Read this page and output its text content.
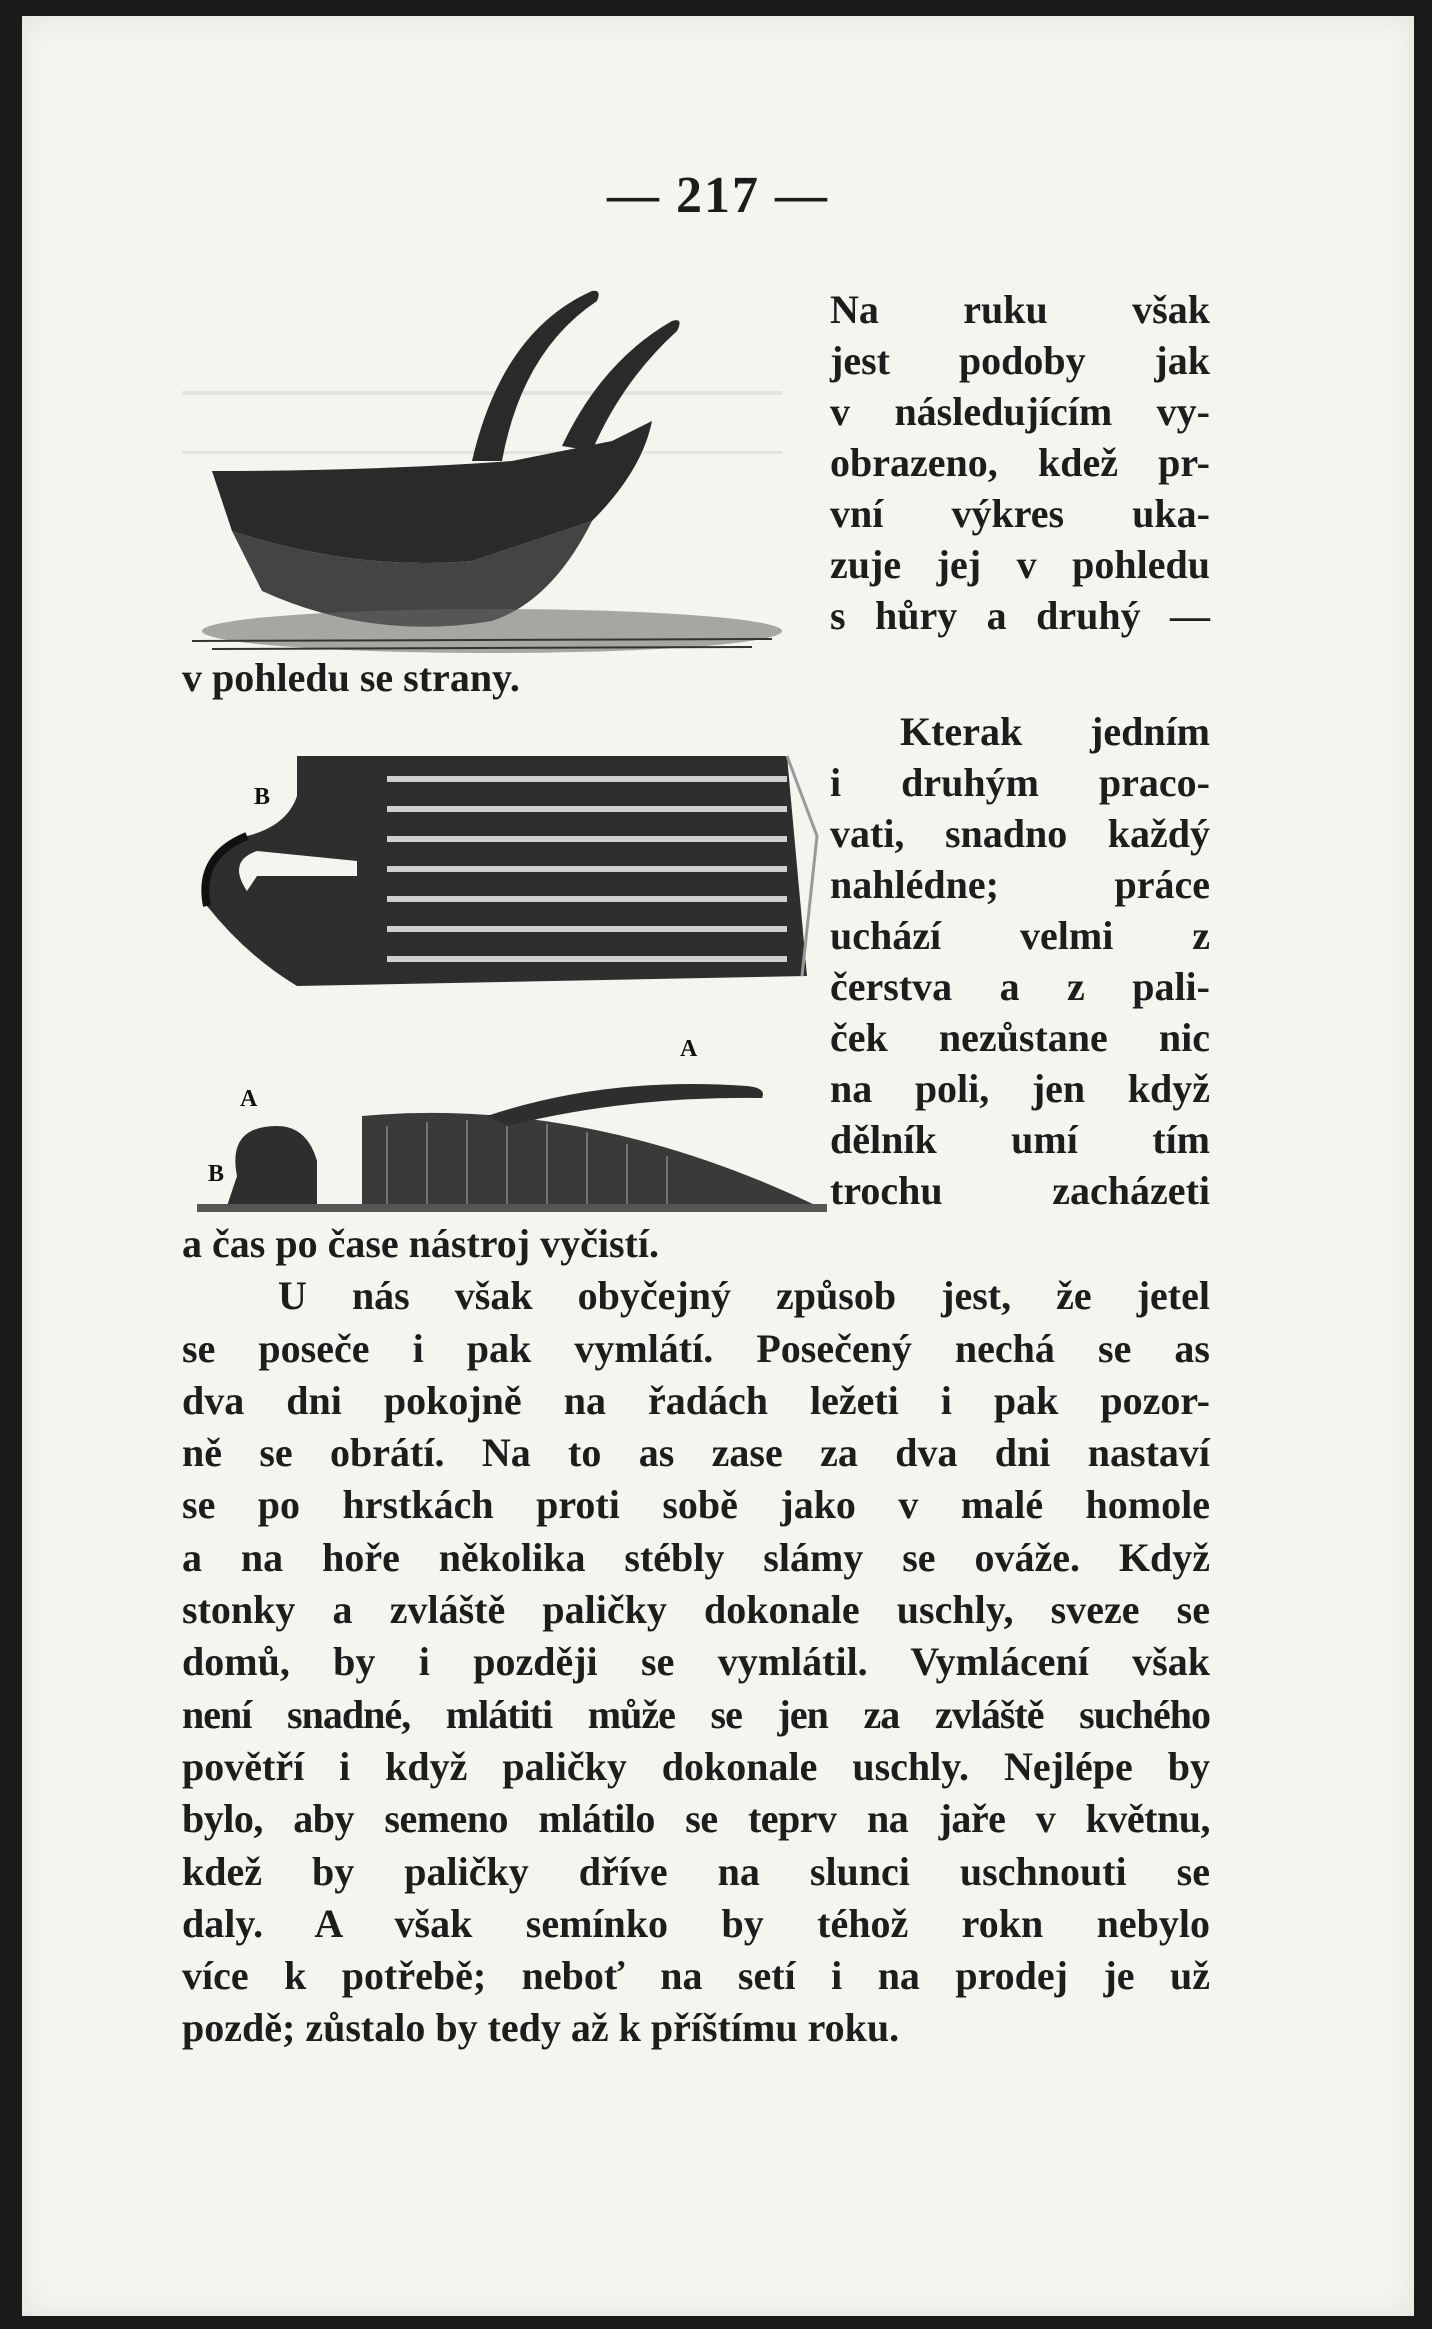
— 217 —
B
A
A
B
Na ruku však
jest podoby jak
v následujícím vy-
obrazeno, kdež pr-
vní výkres uka-
zuje jej v pohledu
s hůry a druhý —
v pohledu se strany.
Kterak jedním
i druhým praco-
vati, snadno každý
nahlédne; práce
uchází velmi z
čerstva a z pali-
ček nezůstane nic
na poli, jen když
dělník umí tím
trochu zacházeti
a čas po čase nástroj vyčistí.
U nás však obyčejný způsob jest, že jetel
se poseče i pak vymlátí. Posečený nechá se as
dva dni pokojně na řadách ležeti i pak pozor-
ně se obrátí. Na to as zase za dva dni nastaví
se po hrstkách proti sobě jako v malé homole
a na hoře několika stébly slámy se ováže. Když
stonky a zvláště paličky dokonale uschly, sveze se
domů, by i později se vymlátil. Vymlácení však
není snadné, mlátiti může se jen za zvláště suchého
povětří i když paličky dokonale uschly. Nejlépe by
bylo, aby semeno mlátilo se teprv na jaře v květnu,
kdež by paličky dříve na slunci uschnouti se
daly. A však semínko by téhož rokn nebylo
více k potřebě; neboť na setí i na prodej je už
pozdě; zůstalo by tedy až k příštímu roku.
